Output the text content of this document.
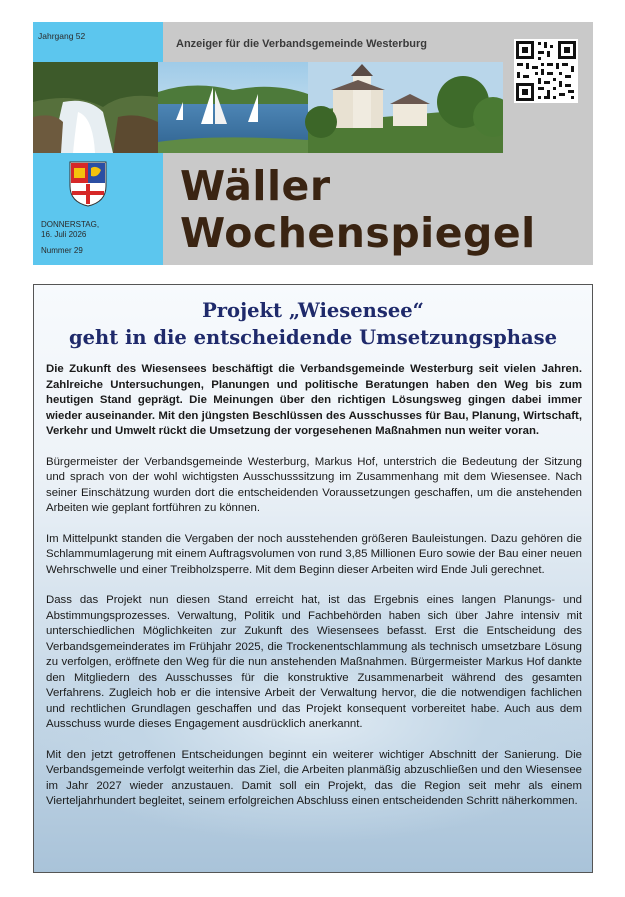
Jahrgang 52
Anzeiger für die Verbandsgemeinde Westerburg
DONNERSTAG,
16. Juli 2026
Nummer 29
Wäller
Wochenspiegel
Projekt „Wiesensee“
geht in die entscheidende Umsetzungsphase

Die Zukunft des Wiesensees beschäftigt die Verbandsgemeinde Westerburg seit vielen Jahren. Zahlreiche Untersuchungen, Planungen und politische Beratungen haben den Weg bis zum heutigen Stand geprägt. Die Meinungen über den richtigen Lösungsweg gingen dabei immer wieder auseinander. Mit den jüngsten Beschlüssen des Ausschusses für Bau, Planung, Wirtschaft, Verkehr und Umwelt rückt die Umsetzung der vorgesehenen Maßnahmen nun weiter voran.

Bürgermeister der Verbandsgemeinde Westerburg, Markus Hof, unterstrich die Bedeutung der Sitzung und sprach von der wohl wichtigsten Ausschusssitzung im Zusammenhang mit dem Wiesensee. Nach seiner Einschätzung wurden dort die entscheidenden Voraussetzungen geschaffen, um die anstehenden Arbeiten wie geplant fortführen zu können.

Im Mittelpunkt standen die Vergaben der noch ausstehenden größeren Bauleistungen. Dazu gehören die Schlammumlagerung mit einem Auftragsvolumen von rund 3,85 Millionen Euro sowie der Bau einer neuen Wehrschwelle und einer Treibholzsperre. Mit dem Beginn dieser Arbeiten wird Ende Juli gerechnet.

Dass das Projekt nun diesen Stand erreicht hat, ist das Ergebnis eines langen Planungs- und Abstimmungsprozesses. Verwaltung, Politik und Fachbehörden haben sich über Jahre intensiv mit unterschiedlichen Möglichkeiten zur Zukunft des Wiesensees befasst. Erst die Entscheidung des Verbandsgemeinderates im Frühjahr 2025, die Trockenentschlammung als technisch umsetzbare Lösung zu verfolgen, eröffnete den Weg für die nun anstehenden Maßnahmen. Bürgermeister Markus Hof dankte den Mitgliedern des Ausschusses für die konstruktive Zusammenarbeit während des gesamten Verfahrens. Zugleich hob er die intensive Arbeit der Verwaltung hervor, die die notwendigen fachlichen und rechtlichen Grundlagen geschaffen und das Projekt konsequent vorbereitet habe. Auch aus dem Ausschuss wurde dieses Engagement ausdrücklich anerkannt.

Mit den jetzt getroffenen Entscheidungen beginnt ein weiterer wichtiger Abschnitt der Sanierung. Die Verbandsgemeinde verfolgt weiterhin das Ziel, die Arbeiten planmäßig abzuschließen und den Wiesensee im Jahr 2027 wieder anzustauen. Damit soll ein Projekt, das die Region seit mehr als einem Vierteljahrhundert begleitet, seinem erfolgreichen Abschluss einen entscheidenden Schritt näherkommen.
